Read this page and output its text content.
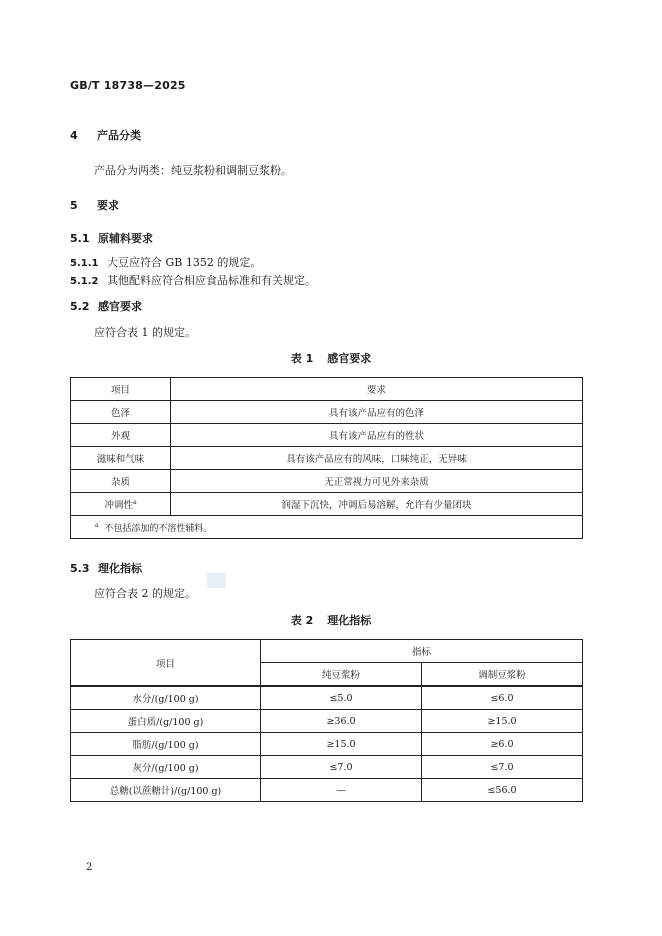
GB/T 18738—2025
4 产品分类
产品分为两类：纯豆浆粉和调制豆浆粉。
5 要求
5.1 原辅料要求
5.1.1 大豆应符合 GB 1352 的规定。
5.1.2 其他配料应符合相应食品标准和有关规定。
5.2 感官要求
应符合表 1 的规定。
表 1 感官要求
项目	要求
色泽	具有该产品应有的色泽
外观	具有该产品应有的性状
滋味和气味	具有该产品应有的风味，口味纯正，无异味
杂质	无正常视力可见外来杂质
冲调性$^a$	润湿下沉快，冲调后易溶解，允许有少量团块
$^a$ 不包括添加的不溶性辅料。	
5.3 理化指标
应符合表 2 的规定。
表 2 理化指标
项目	指标	
	纯豆浆粉	调制豆浆粉
水分/(g/100 g)	≤5.0	≤6.0
蛋白质/(g/100 g)	≥36.0	≥15.0
脂肪/(g/100 g)	≥15.0	≥6.0
灰分/(g/100 g)	≤7.0	≤7.0
总糖(以蔗糖计)/(g/100 g)	—	≤56.0
2
